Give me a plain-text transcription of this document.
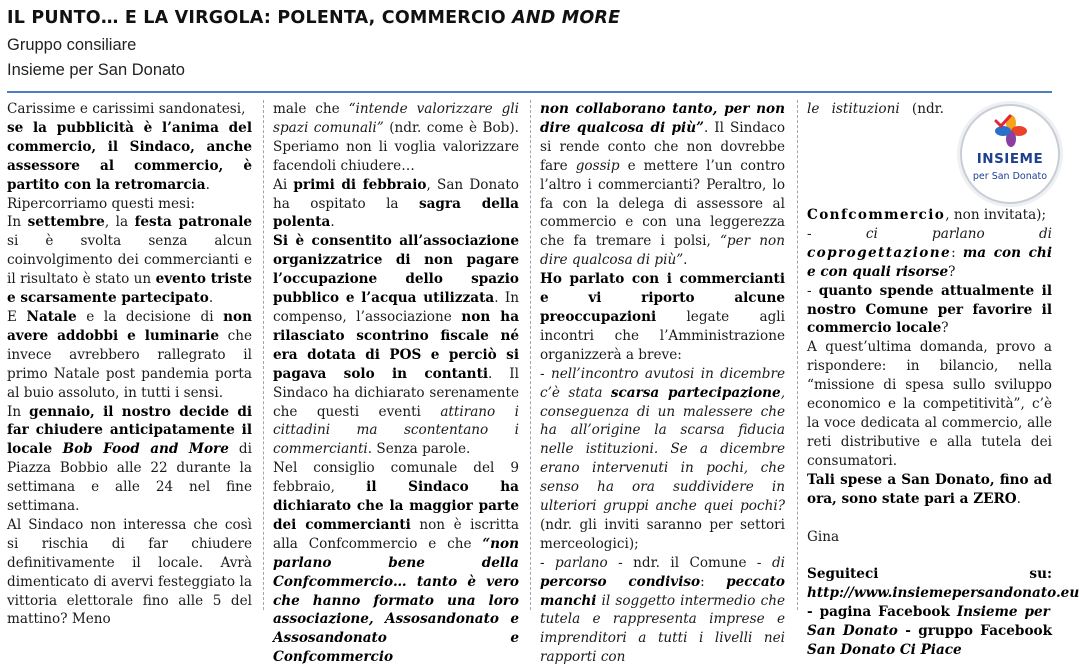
IL PUNTO… E LA VIRGOLA: POLENTA, COMMERCIO AND MORE
Gruppo consiliare
Insieme per San Donato

Carissime e carissimi sandonatesi,
se la pubblicità è l’anima del commercio, il Sindaco, anche assessore al commercio, è partito con la retromarcia.

Ripercorriamo questi mesi:

In settembre, la festa patronale si è svolta senza alcun coinvolgimento dei commercianti e il risultato è stato un evento triste e scarsamente partecipato.

E Natale e la decisione di non avere addobbi e luminarie che invece avrebbero rallegrato il primo Natale post pandemia porta al buio assoluto, in tutti i sensi.

In gennaio, il nostro decide di far chiudere anticipatamente il locale Bob Food and More di Piazza Bobbio alle 22 durante la settimana e alle 24 nel fine settimana.

Al Sindaco non interessa che così si rischia di far chiudere definitivamente il locale. Avrà dimenticato di avervi festeggiato la vittoria elettorale fino alle 5 del mattino? Meno

male che “intende valorizzare gli spazi comunali” (ndr. come è Bob). Speriamo non li voglia valorizzare facendoli chiudere…

Ai primi di febbraio, San Donato ha ospitato la sagra della polenta.

Si è consentito all’associazione organizzatrice di non pagare l’occupazione dello spazio pubblico e l’acqua utilizzata. In compenso, l’associazione non ha rilasciato scontrino fiscale né era dotata di POS e perciò si pagava solo in contanti. Il Sindaco ha dichiarato serenamente che questi eventi attirano i cittadini ma scontentano i commercianti. Senza parole.

Nel consiglio comunale del 9 febbraio, il Sindaco ha dichiarato che la maggior parte dei commercianti non è iscritta alla Confcommercio e che “non parlano bene della Confcommercio… tanto è vero che hanno formato una loro associazione, Assosandonato e Assosandonato e Confcommercio

non collaborano tanto, per non dire qualcosa di più”. Il Sindaco si rende conto che non dovrebbe fare gossip e mettere l’un contro l’altro i commercianti? Peraltro, lo fa con la delega di assessore al commercio e con una leggerezza che fa tremare i polsi, “per non dire qualcosa di più”.

Ho parlato con i commercianti e vi riporto alcune preoccupazioni legate agli incontri che l’Amministrazione organizzerà a breve:

- nell’incontro avutosi in dicembre c’è stata scarsa partecipazione, conseguenza di un malessere che ha all’origine la scarsa fiducia nelle istituzioni. Se a dicembre erano intervenuti in pochi, che senso ha ora suddividere in ulteriori gruppi anche quei pochi? (ndr. gli inviti saranno per settori merceologici);

- parlano - ndr. il Comune - di percorso condiviso: peccato manchi il soggetto intermedio che tutela e rappresenta imprese e imprenditori a tutti i livelli nei rapporti con

INSIEME
per San Donato

le istituzioni (ndr. Confcommercio, non invitata);

- ci parlano di coprogettazione: ma con chi e con quali risorse?

- quanto spende attualmente il nostro Comune per favorire il commercio locale?

A quest’ultima domanda, provo a rispondere: in bilancio, nella “missione di spesa sullo sviluppo economico e la competitività”, c’è la voce dedicata al commercio, alle reti distributive e alla tutela dei consumatori.

Tali spese a San Donato, fino ad ora, sono state pari a ZERO.

Gina

Seguiteci su: http://www.insiemepersandonato.eu - pagina Facebook Insieme per San Donato - gruppo Facebook San Donato Ci Piace
